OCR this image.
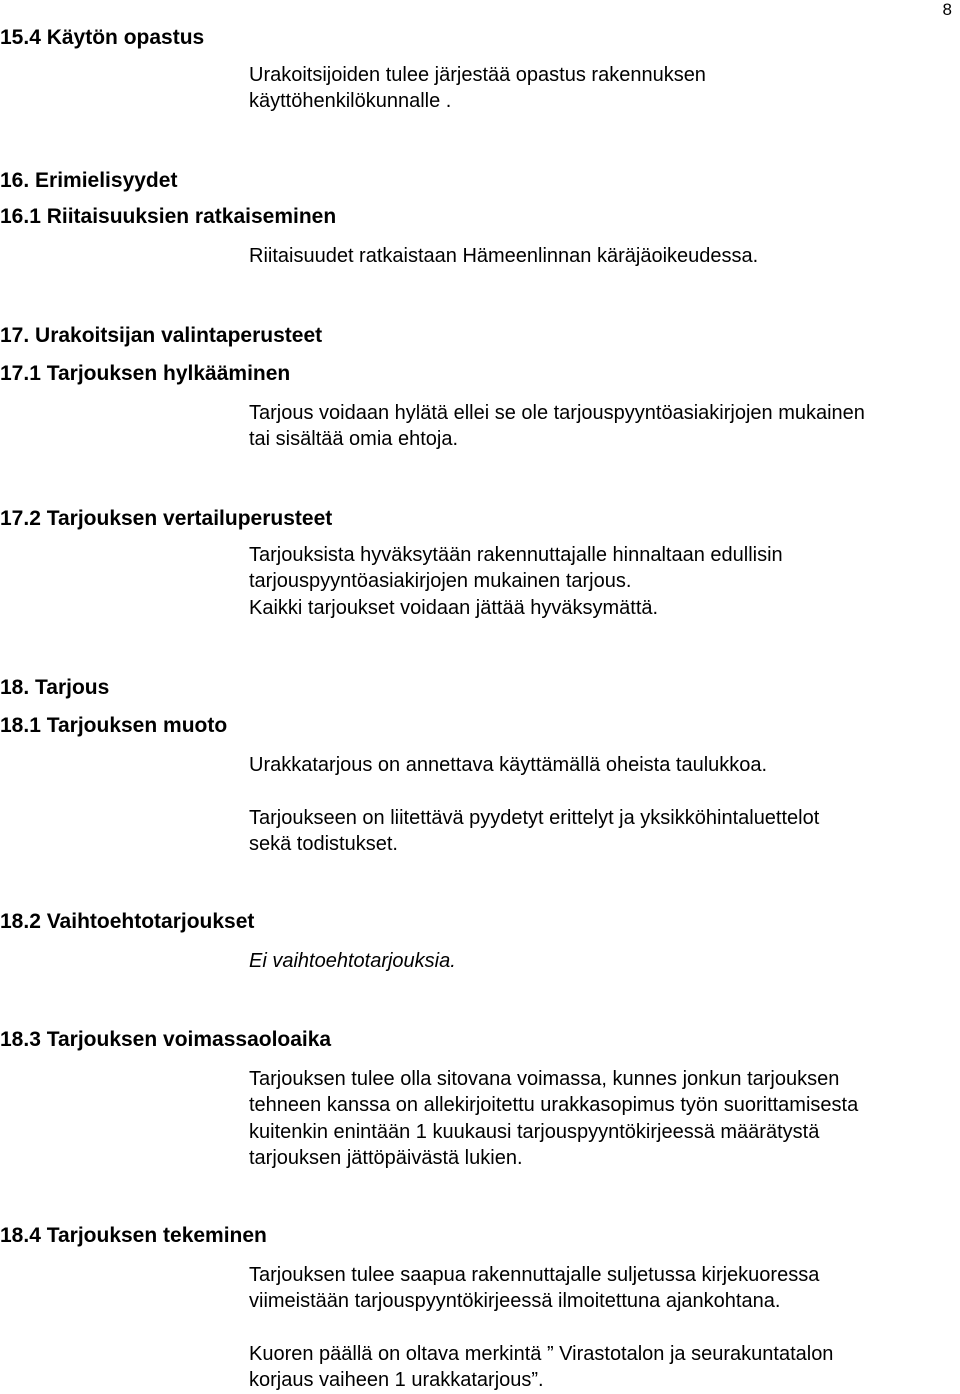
8
15.4 Käytön opastus
Urakoitsijoiden tulee järjestää opastus rakennuksen
käyttöhenkilökunnalle .
16. Erimielisyydet
16.1 Riitaisuuksien ratkaiseminen
Riitaisuudet ratkaistaan Hämeenlinnan käräjäoikeudessa.
17. Urakoitsijan valintaperusteet
17.1 Tarjouksen hylkääminen
Tarjous voidaan hylätä ellei se ole tarjouspyyntöasiakirjojen mukainen
tai sisältää omia ehtoja.
17.2 Tarjouksen vertailuperusteet
Tarjouksista hyväksytään rakennuttajalle hinnaltaan edullisin
tarjouspyyntöasiakirjojen mukainen tarjous.
Kaikki tarjoukset voidaan jättää hyväksymättä.
18. Tarjous
18.1 Tarjouksen muoto
Urakkatarjous on annettava käyttämällä oheista taulukkoa.
Tarjoukseen on liitettävä pyydetyt erittelyt ja yksikköhintaluettelot
sekä todistukset.
18.2 Vaihtoehtotarjoukset
Ei vaihtoehtotarjouksia.
18.3 Tarjouksen voimassaoloaika
Tarjouksen tulee olla sitovana voimassa, kunnes jonkun tarjouksen
tehneen kanssa on allekirjoitettu urakkasopimus työn suorittamisesta
kuitenkin enintään 1 kuukausi tarjouspyyntökirjeessä määrätystä
tarjouksen jättöpäivästä lukien.
18.4 Tarjouksen tekeminen
Tarjouksen tulee saapua rakennuttajalle suljetussa kirjekuoressa
viimeistään tarjouspyyntökirjeessä ilmoitettuna ajankohtana.
Kuoren päällä on oltava merkintä ” Virastotalon ja seurakuntatalon
korjaus vaiheen 1 urakkatarjous”.
